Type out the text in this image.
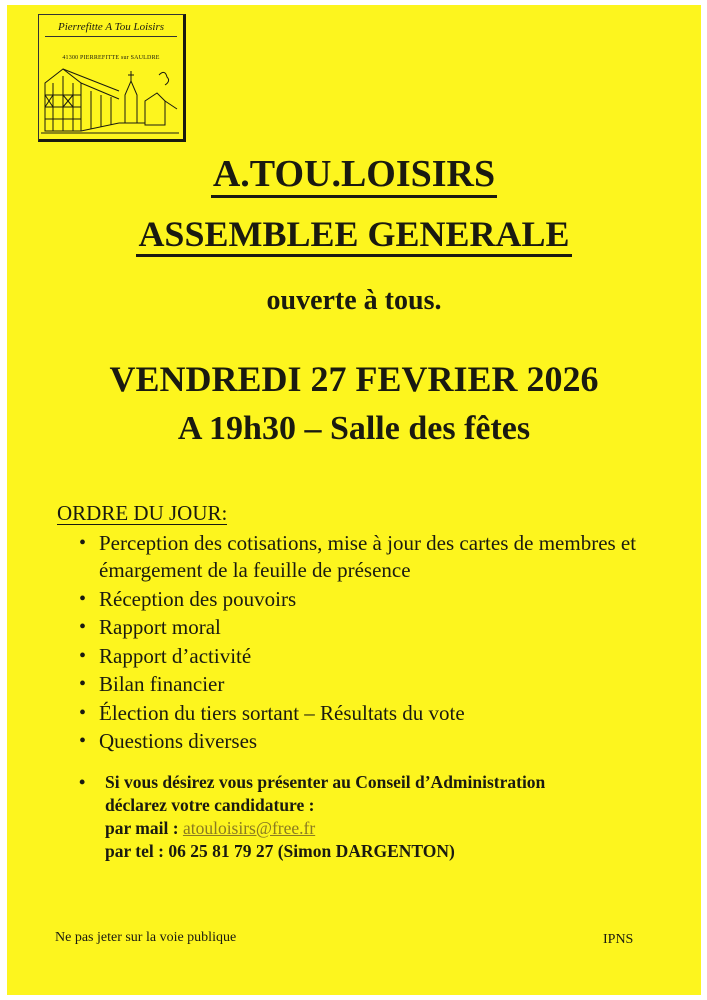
Pierrefitte A Tou Loisirs
41300 PIERREFITTE sur SAULDRE
A.TOU.LOISIRS
ASSEMBLEE GENERALE
ouverte à tous.
VENDREDI 27 FEVRIER 2026
A 19h30 – Salle des fêtes
ORDRE DU JOUR:
• Perception des cotisations, mise à jour des cartes de membres et émargement de la feuille de présence
• Réception des pouvoirs
• Rapport moral
• Rapport d’activité
• Bilan financier
• Élection du tiers sortant – Résultats du vote
• Questions diverses
• Si vous désirez vous présenter au Conseil d’Administration
déclarez votre candidature :
par mail : atouloisirs@free.fr
par tel : 06 25 81 79 27 (Simon DARGENTON)
Ne pas jeter sur la voie publique	IPNS
